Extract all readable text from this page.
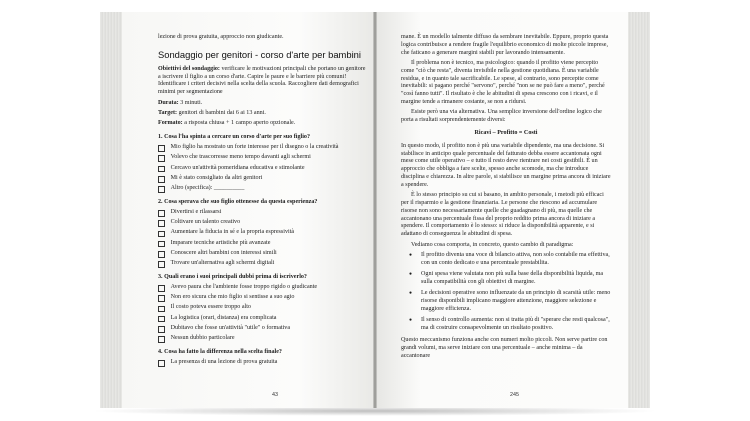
lezione di prova gratuita, approccio non giudicante.

Sondaggio per genitori - corso d'arte per bambini

Obiettivi del sondaggio: verificare le motivazioni principali che portano un genitore a iscrivere il figlio a un corso d'arte. Capire le paure e le barriere più comuni! Identificare i criteri decisivi nella scelta della scuola. Raccogliere dati demografici minimi per segmentazione

Durata: 3 minuti.

Target: genitori di bambini dai 6 ai 13 anni.

Formato: a risposta chiusa + 1 campo aperto opzionale.

1. Cosa l'ha spinta a cercare un corso d'arte per suo figlio?
Mio figlio ha mostrato un forte interesse per il disegno o la creatività
Volevo che trascorresse meno tempo davanti agli schermi
Cercavo un'attività pomeridiana educativa e stimolante
Mi è stato consigliato da altri genitori
Altro (specifica): __________
2. Cosa sperava che suo figlio ottenesse da questa esperienza?
Divertirsi e rilassarsi
Coltivare un talento creativo
Aumentare la fiducia in sé e la propria espressività
Imparare tecniche artistiche più avanzate
Conoscere altri bambini con interessi simili
Trovare un'alternativa agli schermi digitali
3. Quali erano i suoi principali dubbi prima di iscriverlo?
Avevo paura che l'ambiente fosse troppo rigido o giudicante
Non ero sicura che mio figlio si sentisse a suo agio
Il costo poteva essere troppo alto
La logistica (orari, distanza) era complicata
Dubitavo che fosse un'attività "utile" o formativa
Nessun dubbio particolare
4. Cosa ha fatto la differenza nella scelta finale?
La presenza di una lezione di prova gratuita
43

mane. È un modello talmente diffuso da sembrare inevitabile. Eppure, proprio questa logica contribuisce a rendere fragile l'equilibrio economico di molte piccole imprese, che faticano a generare margini stabili pur lavorando intensamente.

Il problema non è tecnico, ma psicologico: quando il profitto viene percepito come "ciò che resta", diventa invisibile nella gestione quotidiana. È una variabile residua, e in quanto tale sacrificabile. Le spese, al contrario, sono percepite come inevitabili: si pagano perché "servono", perché "non se ne può fare a meno", perché "così fanno tutti". Il risultato è che le abitudini di spesa crescono con i ricavi, e il margine tende a rimanere costante, se non a ridursi.

Esiste però una via alternativa. Una semplice inversione dell'ordine logico che porta a risultati sorprendentemente diversi:

Ricavi – Profitto = Costi

In questo modo, il profitto non è più una variabile dipendente, ma una decisione. Si stabilisce in anticipo quale percentuale del fatturato debba essere accantonata ogni mese come utile operativo – e tutto il resto deve rientrare nei costi gestibili. È un approccio che obbliga a fare scelte, spesso anche scomode, ma che introduce disciplina e chiarezza. In altre parole, si stabilisce un margine prima ancora di iniziare a spendere.

È lo stesso principio su cui si basano, in ambito personale, i metodi più efficaci per il risparmio e la gestione finanziaria. Le persone che riescono ad accumulare risorse non sono necessariamente quelle che guadagnano di più, ma quelle che accantonano una percentuale fissa del proprio reddito prima ancora di iniziare a spendere. Il comportamento è lo stesso: si riduce la disponibilità apparente, e si adattano di conseguenza le abitudini di spesa.

Vediamo cosa comporta, in concreto, questo cambio di paradigma:

● Il profitto diventa una voce di bilancio attiva, non solo contabile ma effettiva, con un conto dedicato e una percentuale prestabilita.
● Ogni spesa viene valutata non più sulla base della disponibilità liquida, ma sulla compatibilità con gli obiettivi di margine.
● Le decisioni operative sono influenzate da un principio di scarsità utile: meno risorse disponibili implicano maggiore attenzione, maggiore selezione e maggiore efficienza.
● Il senso di controllo aumenta: non si tratta più di "sperare che resti qualcosa", ma di costruire consapevolmente un risultato positivo.

Questo meccanismo funziona anche con numeri molto piccoli. Non serve partire con grandi volumi, ma serve iniziare con una percentuale – anche minima – da accantonare

245
